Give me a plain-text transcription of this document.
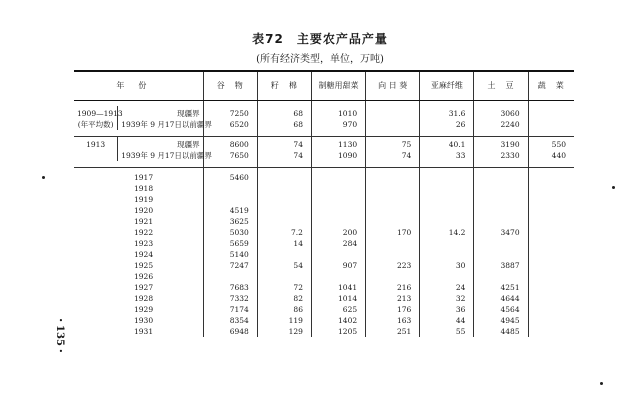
表72　主要农产品产量
(所有经济类型，单位，万吨)
年份		谷　物	籽　棉	制糖用甜菜	向 日 葵	亚麻纤维	土　豆	蔬　菜

1909—1913	现疆界	7250	68	1010		31.6	3060	
(年平均数)	1939年 9 月17日以前疆界	6520	68	970		26	2240	

1913	现疆界	8600	74	1130	75	40.1	3190	550
	1939年 9 月17日以前疆界	7650	74	1090	74	33	2330	440

1917		5460						
1918								
1919								
1920		4519						
1921		3625						
1922		5030	7.2	200	170	14.2	3470	
1923		5659	14	284				
1924		5140						
1925		7247	54	907	223	30	3887	
1926								
1927		7683	72	1041	216	24	4251	
1928		7332	82	1014	213	32	4644	
1929		7174	86	625	176	36	4564	
1930		8354	119	1402	163	44	4945	
1931		6948	129	1205	251	55	4485	
・135・
